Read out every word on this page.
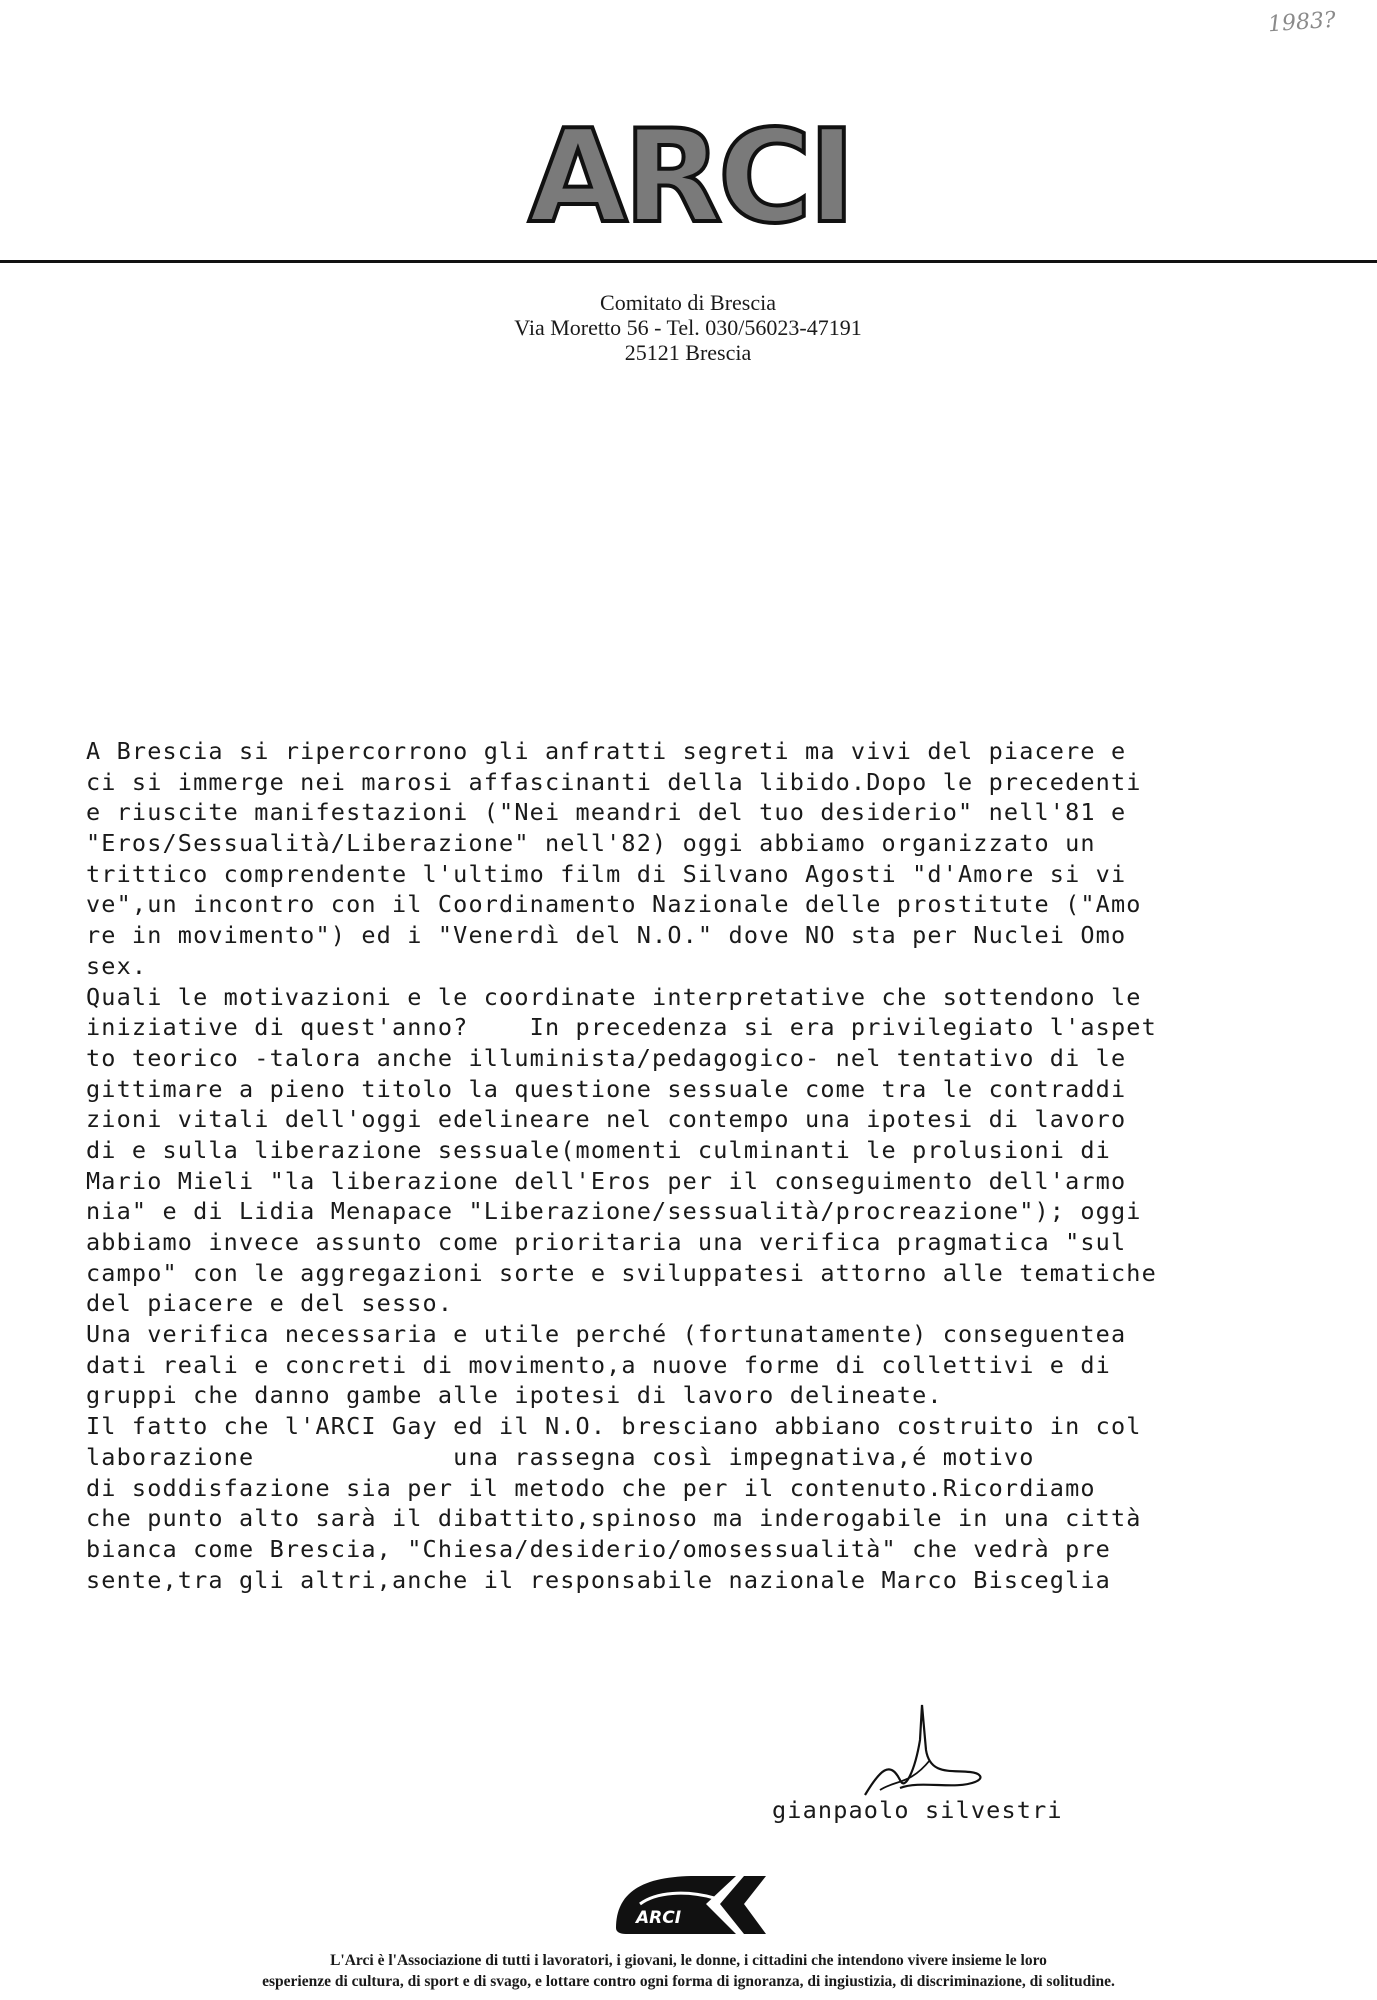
1983?
ARCI
Comitato di Brescia
Via Moretto 56 - Tel. 030/56023-47191
25121 Brescia
A Brescia si ripercorrono gli anfratti segreti ma vivi del piacere e
ci si immerge nei marosi affascinanti della libido.Dopo le precedenti
e riuscite manifestazioni ("Nei meandri del tuo desiderio" nell'81 e
"Eros/Sessualità/Liberazione" nell'82) oggi abbiamo organizzato un
trittico comprendente l'ultimo film di Silvano Agosti "d'Amore si vi
ve",un incontro con il Coordinamento Nazionale delle prostitute ("Amo
re in movimento") ed i "Venerdì del N.O." dove NO sta per Nuclei Omo
sex.
Quali le motivazioni e le coordinate interpretative che sottendono le
iniziative di quest'anno?    In precedenza si era privilegiato l'aspet
to teorico -talora anche illuminista/pedagogico- nel tentativo di le
gittimare a pieno titolo la questione sessuale come tra le contraddi
zioni vitali dell'oggi edelineare nel contempo una ipotesi di lavoro
di e sulla liberazione sessuale(momenti culminanti le prolusioni di
Mario Mieli "la liberazione dell'Eros per il conseguimento dell'armo
nia" e di Lidia Menapace "Liberazione/sessualità/procreazione"); oggi
abbiamo invece assunto come prioritaria una verifica pragmatica "sul
campo" con le aggregazioni sorte e sviluppatesi attorno alle tematiche
del piacere e del sesso.
Una verifica necessaria e utile perché (fortunatamente) conseguentea
dati reali e concreti di movimento,a nuove forme di collettivi e di
gruppi che danno gambe alle ipotesi di lavoro delineate.
Il fatto che l'ARCI Gay ed il N.O. bresciano abbiano costruito in col
laborazione             una rassegna così impegnativa,é motivo
di soddisfazione sia per il metodo che per il contenuto.Ricordiamo
che punto alto sarà il dibattito,spinoso ma inderogabile in una città
bianca come Brescia, "Chiesa/desiderio/omosessualità" che vedrà pre
sente,tra gli altri,anche il responsabile nazionale Marco Bisceglia
gianpaolo silvestri
ARCI
L'Arci è l'Associazione di tutti i lavoratori, i giovani, le donne, i cittadini che intendono vivere insieme le loro
esperienze di cultura, di sport e di svago, e lottare contro ogni forma di ignoranza, di ingiustizia, di discriminazione, di solitudine.
